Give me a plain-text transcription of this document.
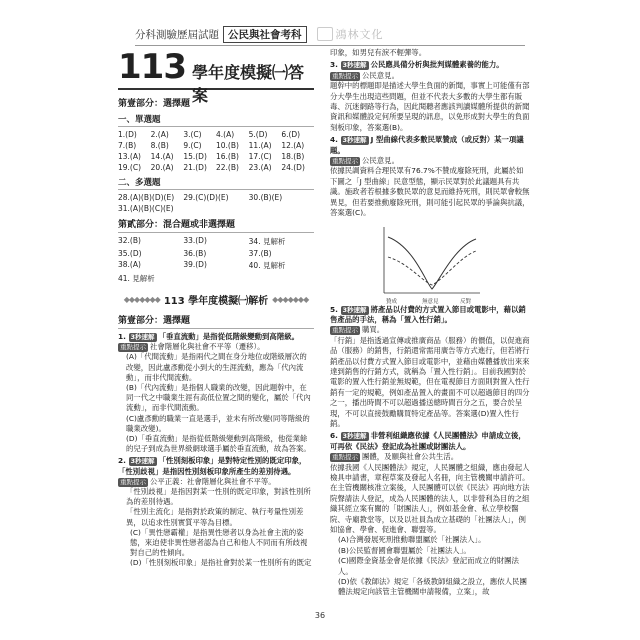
分科測驗歷屆試題 公民與社會考科	鴻林文化
113 學年度模擬㈠答案
第壹部分：選擇題
一、單選題
1.(D)	2.(A)	3.(C)	4.(A)	5.(D)	6.(D)
7.(B)	8.(B)	9.(C)	10.(B)	11.(A)	12.(A)
13.(A)	14.(A)	15.(D)	16.(B)	17.(C)	18.(B)
19.(C)	20.(A)	21.(D)	22.(B)	23.(A)	24.(D)
二、多選題
28.(A)(B)(D)(E)	29.(C)(D)(E)	30.(B)(E)
31.(A)(B)(C)(E)
第貳部分：混合題或非選擇題
32.(B)	33.(D)	34. 見解析
35.(D)	36.(B)	37.(B)
38.(A)	39.(D)	40. 見解析
41. 見解析
◆◆◆◆◆◆◆ 113 學年度模擬㈠解析 ◆◆◆◆◆◆◆
第壹部分：選擇題
1. 3秒速解 「垂直流動」是指從低階級變動到高階級。
重點提示 社會階層化與社會不平等（遷移）。
(A)「代間流動」是指兩代之間在身分地位或階級層次的改變，因此盧彥勳從小到大的生涯流動，應為「代內流動」，而非代間流動。
(B)「代內流動」是指個人職業的改變，因此題幹中，在同一代之中職業生涯有高低位置之間的變化，屬於「代內流動」，而非代間流動。
(C)盧彥勳的職業一直是選手，並未有所改變(同等階級的職業改變)。
(D)「垂直流動」是指從低階級變動到高階級，他從業餘的兒子到成為世界級網球選手屬於垂直流動，故為答案。
2. 3秒速解 「性別刻板印象」是對特定性別的既定印象，「性別歧視」是指因性別刻板印象所產生的差別待遇。
重點提示 公平正義：社會階層化與社會不平等。
「性別歧視」是指因對某一性別的既定印象，對該性別所為的差別待遇。
「性別主流化」是指對於政策的制定、執行考量性別差異，以追求性別實質平等為目標。
(C)「異性戀霸權」是指異性戀者以身為社會主流的姿態，來迫使非異性戀者認為自己和他人不同而有所歧視對自己的性傾向。
(D)「性別刻板印象」是指社會對於某一性別所有的既定
印象，如男兒有淚不輕彈等。
3. 3秒速解 公民應具備分析與批判媒體素養的能力。
重點提示 公民意見。
題幹中的標題即是描述大學生負面的新聞，事實上可能僅有部分大學生出現這些問題，但並不代表大多數的大學生都有販毒、沉迷網路等行為，因此閱聽者應該判讀媒體所提供的新聞資訊和媒體設定何所要呈現的訊息，以免形成對大學生的負面刻板印象，答案選(B)。
4. 3秒速解 J 型曲線代表多數民眾贊成（或反對）某一項議題。
重點提示 公民意見。
依據民調資料合理民眾有76.7%不贊成廢除死刑，此屬於如下圖之「J 型曲線」民意型態，顯示民眾對於此議題具有共識。施政者若根據多數民眾的意見而維持死刑，則民眾會較無異見，但若要推動廢除死刑，則可能引起民眾的爭論與抗議，答案選(C)。
贊成	無意見	反對
5. 3秒速解 將產品以付費的方式置入節目或電影中，藉以銷售產品的手法，稱為「置入性行銷」。
重點提示 購買。
「行銷」是指透過宣傳或推廣商品（服務）的價值，以促進商品（服務）的銷售，行銷還常需用廣告等方式進行，但若將行銷產品以付費方式置入節目或電影中，並藉由媒體播放出來來達到銷售的行銷方式，就稱為「置入性行銷」。目前我國對於電影的置入性行銷並無規範，但在電視節目方面則對置入性行銷有一定的規範，例如產品置入的畫面不可以超過節目的四分之一，播出時間不可以超過播送總時間百分之五，要合於呈現，不可以直接鼓勵購買特定產品等。答案選(D)置入性行銷。
6. 3秒速解 非營利組織應依據《人民團體法》申請成立後，可再依《民法》登記成為社團或財團法人。
重點提示 團體，及願與社會公共生活。
依據我國《人民團體法》規定，人民團體之組織，應由發起人檢具申請書，章程草案及發起人名冊，向主管機關申請許可。在主管機關核准立案後，人民團體可以依《民法》再向地方法院聲請法人登記，成為人民團體的法人，以非營利為目的之組織其經立案有關的「財團法人」，例如基金會、私立學校醫院、寺廟教堂等，以及以社員為成立基礎的「社團法人」，例如協會、學會、促進會、聯盟等。
(A)合灣發展死刑推動聯盟屬於「社團法人」。
(B)公民監督國會聯盟屬於「社團法人」。
(C)國際金資基金會是依據《民法》登記而成立的財團法人。
(D)依《教師法》規定「各級教師組織之設立，應依人民團體法規定向該管主管機關申請報備，立案」，故
36
